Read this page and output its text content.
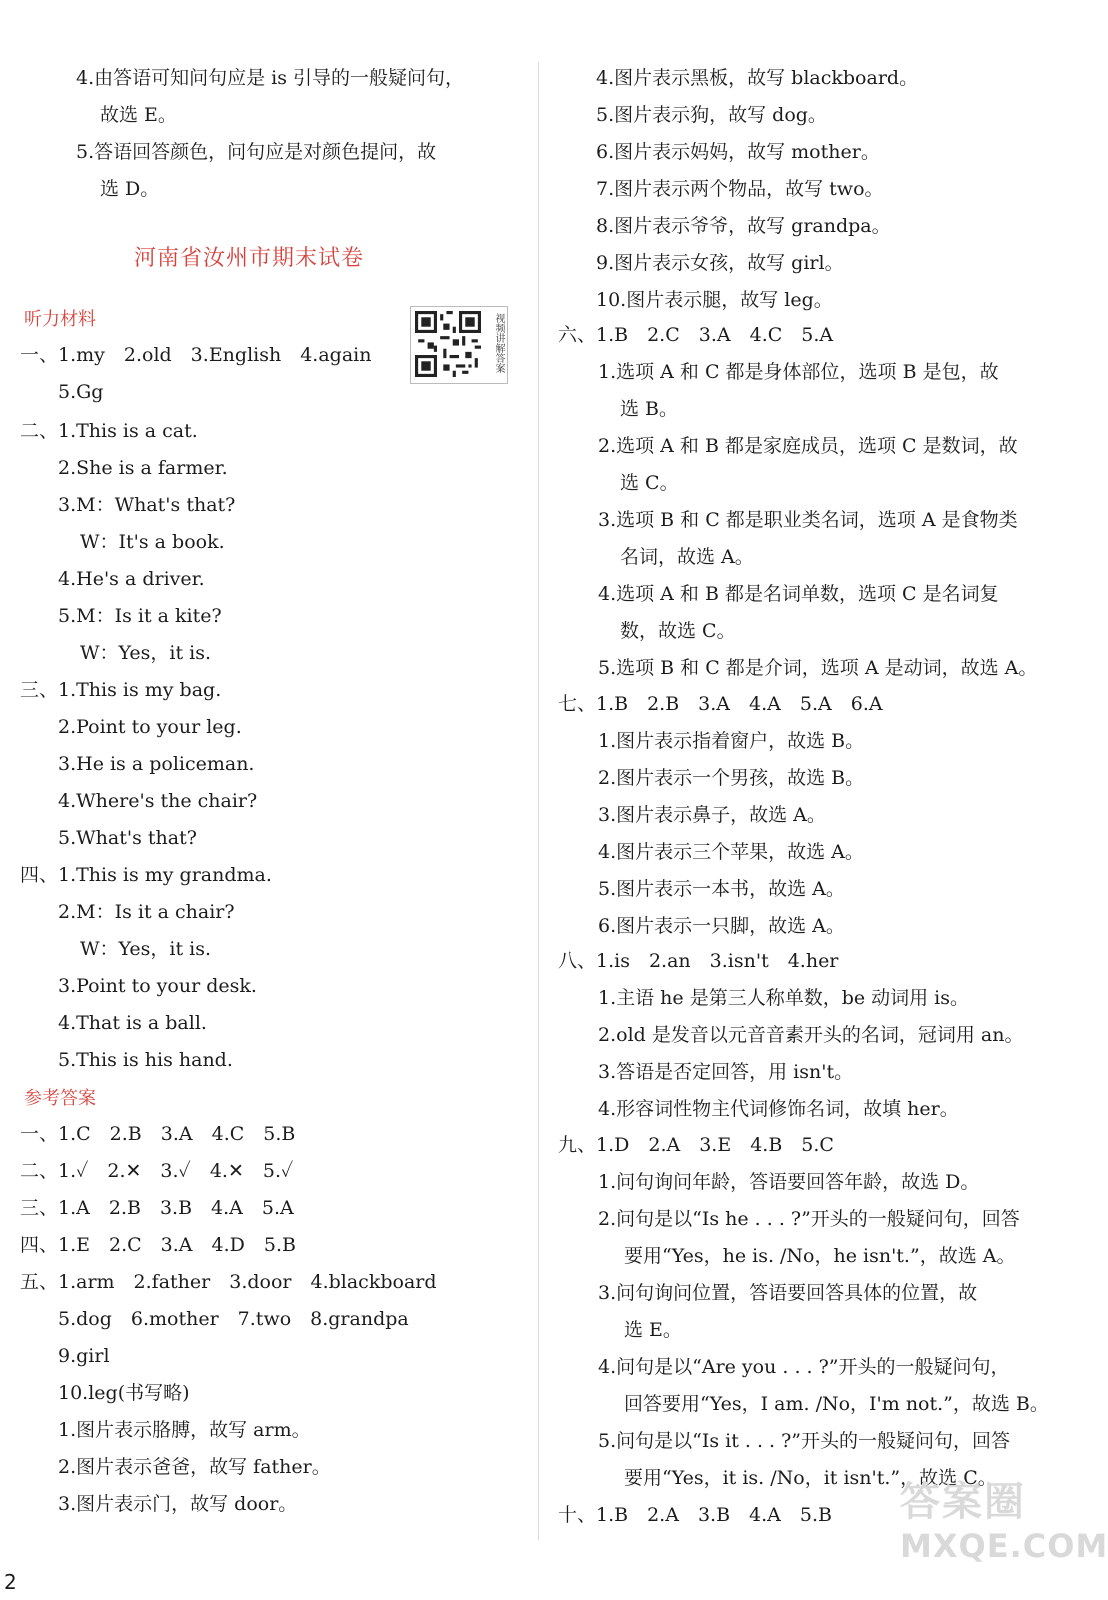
4.由答语可知问句应是 is 引导的一般疑问句，
故选 E。
5.答语回答颜色，问句应是对颜色提问，故
选 D。
河南省汝州市期末试卷
听力材料	视频讲解答案
一、1.my　2.old　3.English　4.again
5.Gg
二、1.This is a cat.
2.She is a farmer.
3.M：What's that?
W：It's a book.
4.He's a driver.
5.M：Is it a kite?
W：Yes，it is.
三、1.This is my bag.
2.Point to your leg.
3.He is a policeman.
4.Where's the chair?
5.What's that?
四、1.This is my grandma.
2.M：Is it a chair?
W：Yes，it is.
3.Point to your desk.
4.That is a ball.
5.This is his hand.
参考答案
一、1.C　2.B　3.A　4.C　5.B
二、1.✓　2.✕　3.✓　4.✕　5.✓
三、1.A　2.B　3.B　4.A　5.A
四、1.E　2.C　3.A　4.D　5.B
五、1.arm　2.father　3.door　4.blackboard
5.dog　6.mother　7.two　8.grandpa
9.girl
10.leg(书写略)
1.图片表示胳膊，故写 arm。
2.图片表示爸爸，故写 father。
3.图片表示门，故写 door。
4.图片表示黑板，故写 blackboard。
5.图片表示狗，故写 dog。
6.图片表示妈妈，故写 mother。
7.图片表示两个物品，故写 two。
8.图片表示爷爷，故写 grandpa。
9.图片表示女孩，故写 girl。
10.图片表示腿，故写 leg。
六、1.B　2.C　3.A　4.C　5.A
1.选项 A 和 C 都是身体部位，选项 B 是包，故
选 B。
2.选项 A 和 B 都是家庭成员，选项 C 是数词，故
选 C。
3.选项 B 和 C 都是职业类名词，选项 A 是食物类
名词，故选 A。
4.选项 A 和 B 都是名词单数，选项 C 是名词复
数，故选 C。
5.选项 B 和 C 都是介词，选项 A 是动词，故选 A。
七、1.B　2.B　3.A　4.A　5.A　6.A
1.图片表示指着窗户，故选 B。
2.图片表示一个男孩，故选 B。
3.图片表示鼻子，故选 A。
4.图片表示三个苹果，故选 A。
5.图片表示一本书，故选 A。
6.图片表示一只脚，故选 A。
八、1.is　2.an　3.isn't　4.her
1.主语 he 是第三人称单数，be 动词用 is。
2.old 是发音以元音音素开头的名词，冠词用 an。
3.答语是否定回答，用 isn't。
4.形容词性物主代词修饰名词，故填 her。
九、1.D　2.A　3.E　4.B　5.C
1.问句询问年龄，答语要回答年龄，故选 D。
2.问句是以“Is he . . . ?”开头的一般疑问句，回答
要用“Yes，he is. /No，he isn't.”，故选 A。
3.问句询问位置，答语要回答具体的位置，故
选 E。
4.问句是以“Are you . . . ?”开头的一般疑问句，
回答要用“Yes，I am. /No，I'm not.”，故选 B。
5.问句是以“Is it . . . ?”开头的一般疑问句，回答
要用“Yes，it is. /No，it isn't.”，故选 C。
十、1.B　2.A　3.B　4.A　5.B
2
答案圈
MXQE.COM
